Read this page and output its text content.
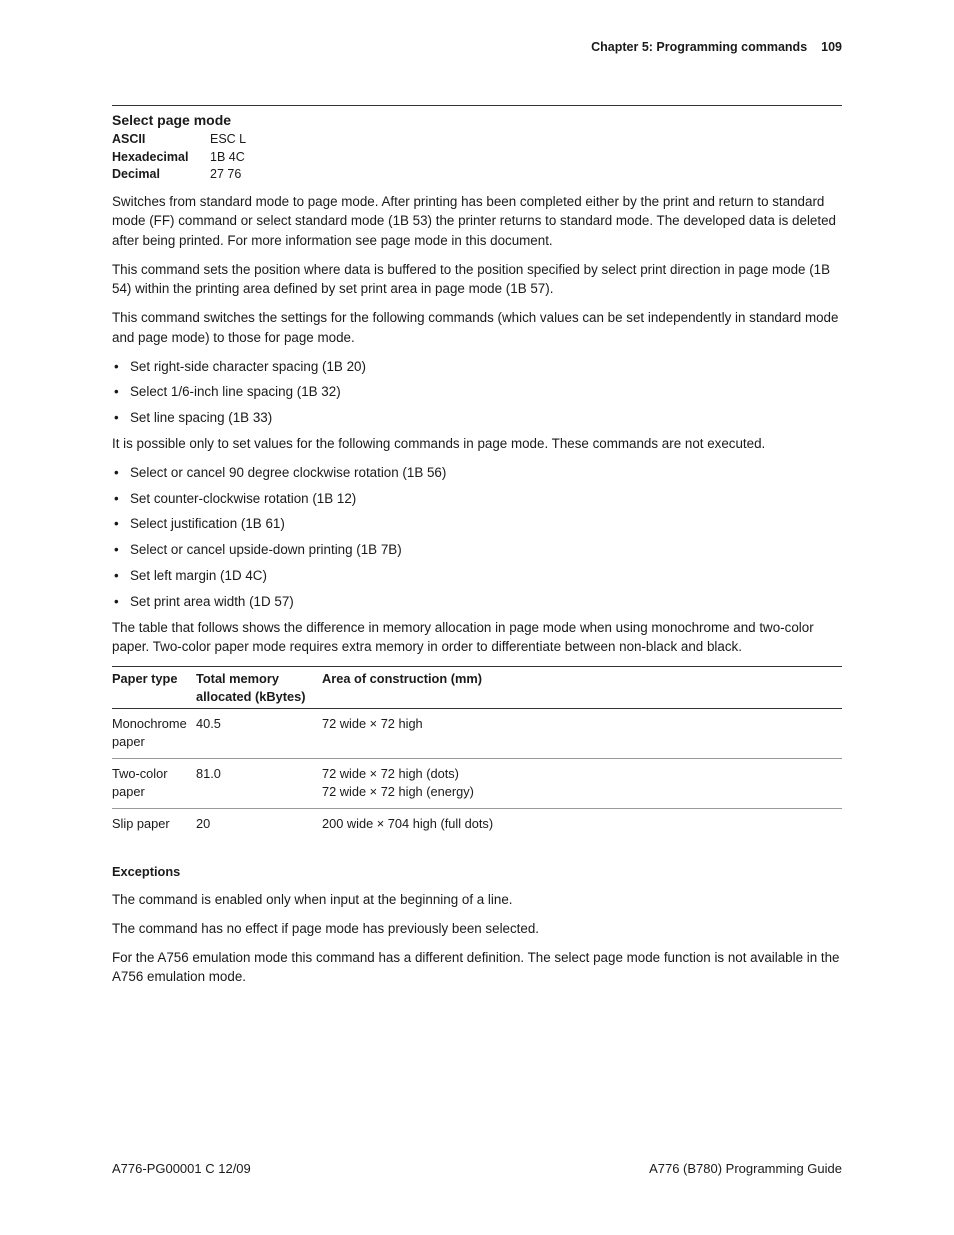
Chapter 5: Programming commands 109
Select page mode
ASCII	ESC L
Hexadecimal	1B 4C
Decimal	27 76

Switches from standard mode to page mode. After printing has been completed either by the print and return to standard mode (FF) command or select standard mode (1B 53) the printer returns to standard mode. The developed data is deleted after being printed. For more information see page mode in this document.

This command sets the position where data is buffered to the position specified by select print direction in page mode (1B 54) within the printing area defined by set print area in page mode (1B 57).

This command switches the settings for the following commands (which values can be set independently in standard mode and page mode) to those for page mode.

• Set right-side character spacing (1B 20)
• Select 1/6-inch line spacing (1B 32)
• Set line spacing (1B 33)

It is possible only to set values for the following commands in page mode. These commands are not executed.

• Select or cancel 90 degree clockwise rotation (1B 56)
• Set counter-clockwise rotation (1B 12)
• Select justification (1B 61)
• Select or cancel upside-down printing (1B 7B)
• Set left margin (1D 4C)
• Set print area width (1D 57)

The table that follows shows the difference in memory allocation in page mode when using monochrome and two-color paper. Two-color paper mode requires extra memory in order to differentiate between non-black and black.

Paper type	Total memory allocated (kBytes)	Area of construction (mm)
Monochrome paper	40.5	72 wide × 72 high

Two-color paper	81.0	72 wide × 72 high (dots)
72 wide × 72 high (energy)

Slip paper	20	200 wide × 704 high (full dots)
Exceptions

The command is enabled only when input at the beginning of a line.

The command has no effect if page mode has previously been selected.

For the A756 emulation mode this command has a different definition. The select page mode function is not available in the A756 emulation mode.

A776-PG00001 C 12/09	A776 (B780) Programming Guide
